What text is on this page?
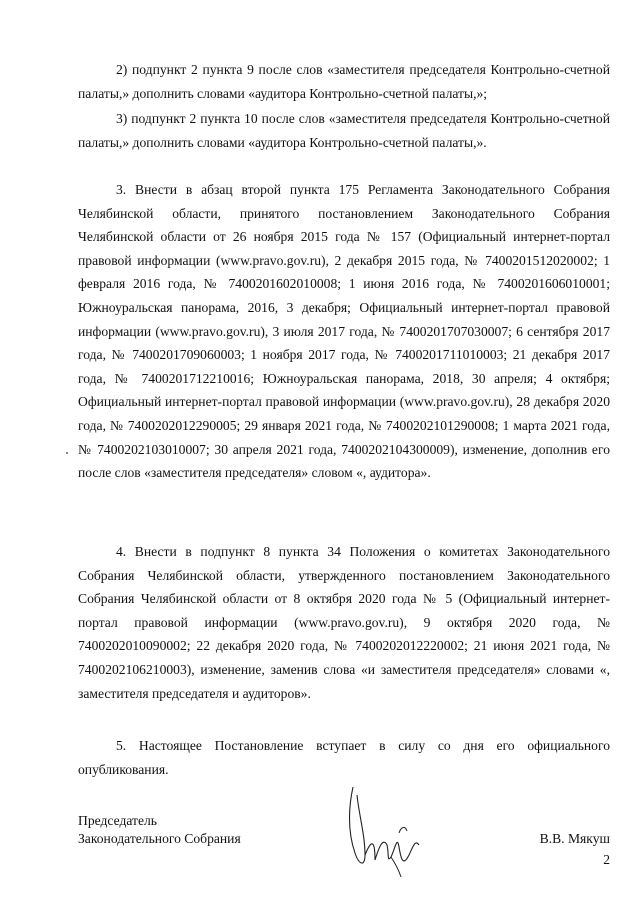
2) подпункт 2 пункта 9 после слов «заместителя председателя Контрольно-счетной палаты,» дополнить словами «аудитора Контрольно-счетной палаты,»;

3) подпункт 2 пункта 10 после слов «заместителя председателя Контрольно-счетной палаты,» дополнить словами «аудитора Контрольно-счетной палаты,».

3. Внести в абзац второй пункта 175 Регламента Законодательного Собрания Челябинской области, принятого постановлением Законодательного Собрания Челябинской области от 26 ноября 2015 года № 157 (Официальный интернет-портал правовой информации (www.pravo.gov.ru), 2 декабря 2015 года, № 7400201512020002; 1 февраля 2016 года, № 7400201602010008; 1 июня 2016 года, № 7400201606010001; Южноуральская панорама, 2016, 3 декабря; Официальный интернет-портал правовой информации (www.pravo.gov.ru), 3 июля 2017 года, № 7400201707030007; 6 сентября 2017 года, № 7400201709060003; 1 ноября 2017 года, № 7400201711010003; 21 декабря 2017 года, № 7400201712210016; Южноуральская панорама, 2018, 30 апреля; 4 октября; Официальный интернет-портал правовой информации (www.pravo.gov.ru), 28 декабря 2020 года, № 7400202012290005; 29 января 2021 года, № 7400202101290008; 1 марта 2021 года, № 7400202103010007; 30 апреля 2021 года, 7400202104300009), изменение, дополнив его после слов «заместителя председателя» словом «, аудитора».

4. Внести в подпункт 8 пункта 34 Положения о комитетах Законодательного Собрания Челябинской области, утвержденного постановлением Законодательного Собрания Челябинской области от 8 октября 2020 года № 5 (Официальный интернет-портал правовой информации (www.pravo.gov.ru), 9 октября 2020 года, № 7400202010090002; 22 декабря 2020 года, № 7400202012220002; 21 июня 2021 года, № 7400202106210003), изменение, заменив слова «и заместителя председателя» словами «, заместителя председателя и аудиторов».

5. Настоящее Постановление вступает в силу со дня его официального опубликования.

Председатель
Законодательного Собрания	В.В. Мякуш
2
